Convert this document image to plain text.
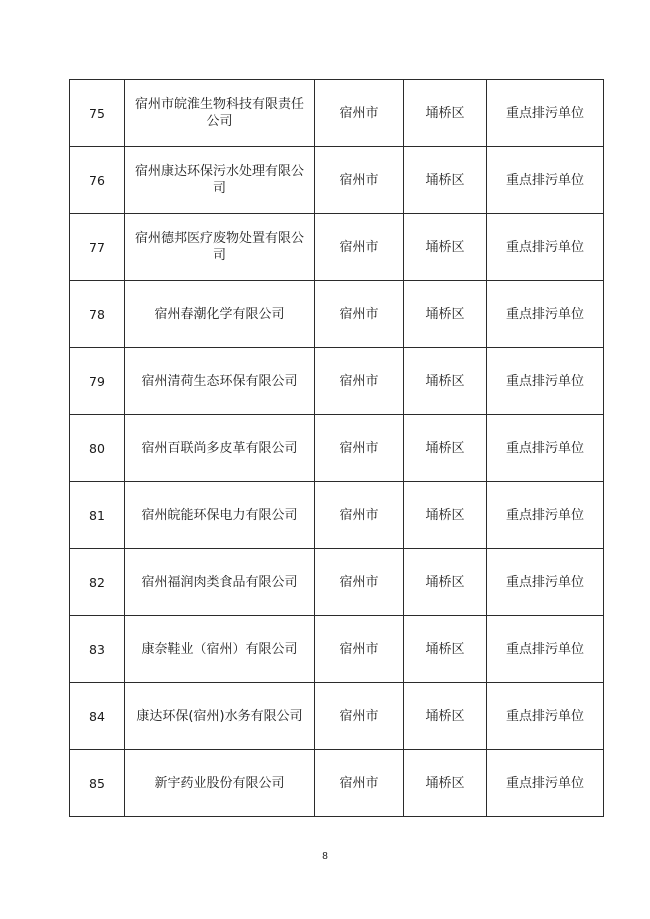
75	宿州市皖淮生物科技有限责任公司	宿州市	埇桥区	重点排污单位
76	宿州康达环保污水处理有限公司	宿州市	埇桥区	重点排污单位
77	宿州德邦医疗废物处置有限公司	宿州市	埇桥区	重点排污单位
78	宿州春潮化学有限公司	宿州市	埇桥区	重点排污单位
79	宿州清荷生态环保有限公司	宿州市	埇桥区	重点排污单位
80	宿州百联尚多皮革有限公司	宿州市	埇桥区	重点排污单位
81	宿州皖能环保电力有限公司	宿州市	埇桥区	重点排污单位
82	宿州福润肉类食品有限公司	宿州市	埇桥区	重点排污单位
83	康奈鞋业（宿州）有限公司	宿州市	埇桥区	重点排污单位
84	康达环保(宿州)水务有限公司	宿州市	埇桥区	重点排污单位
85	新宇药业股份有限公司	宿州市	埇桥区	重点排污单位
8
